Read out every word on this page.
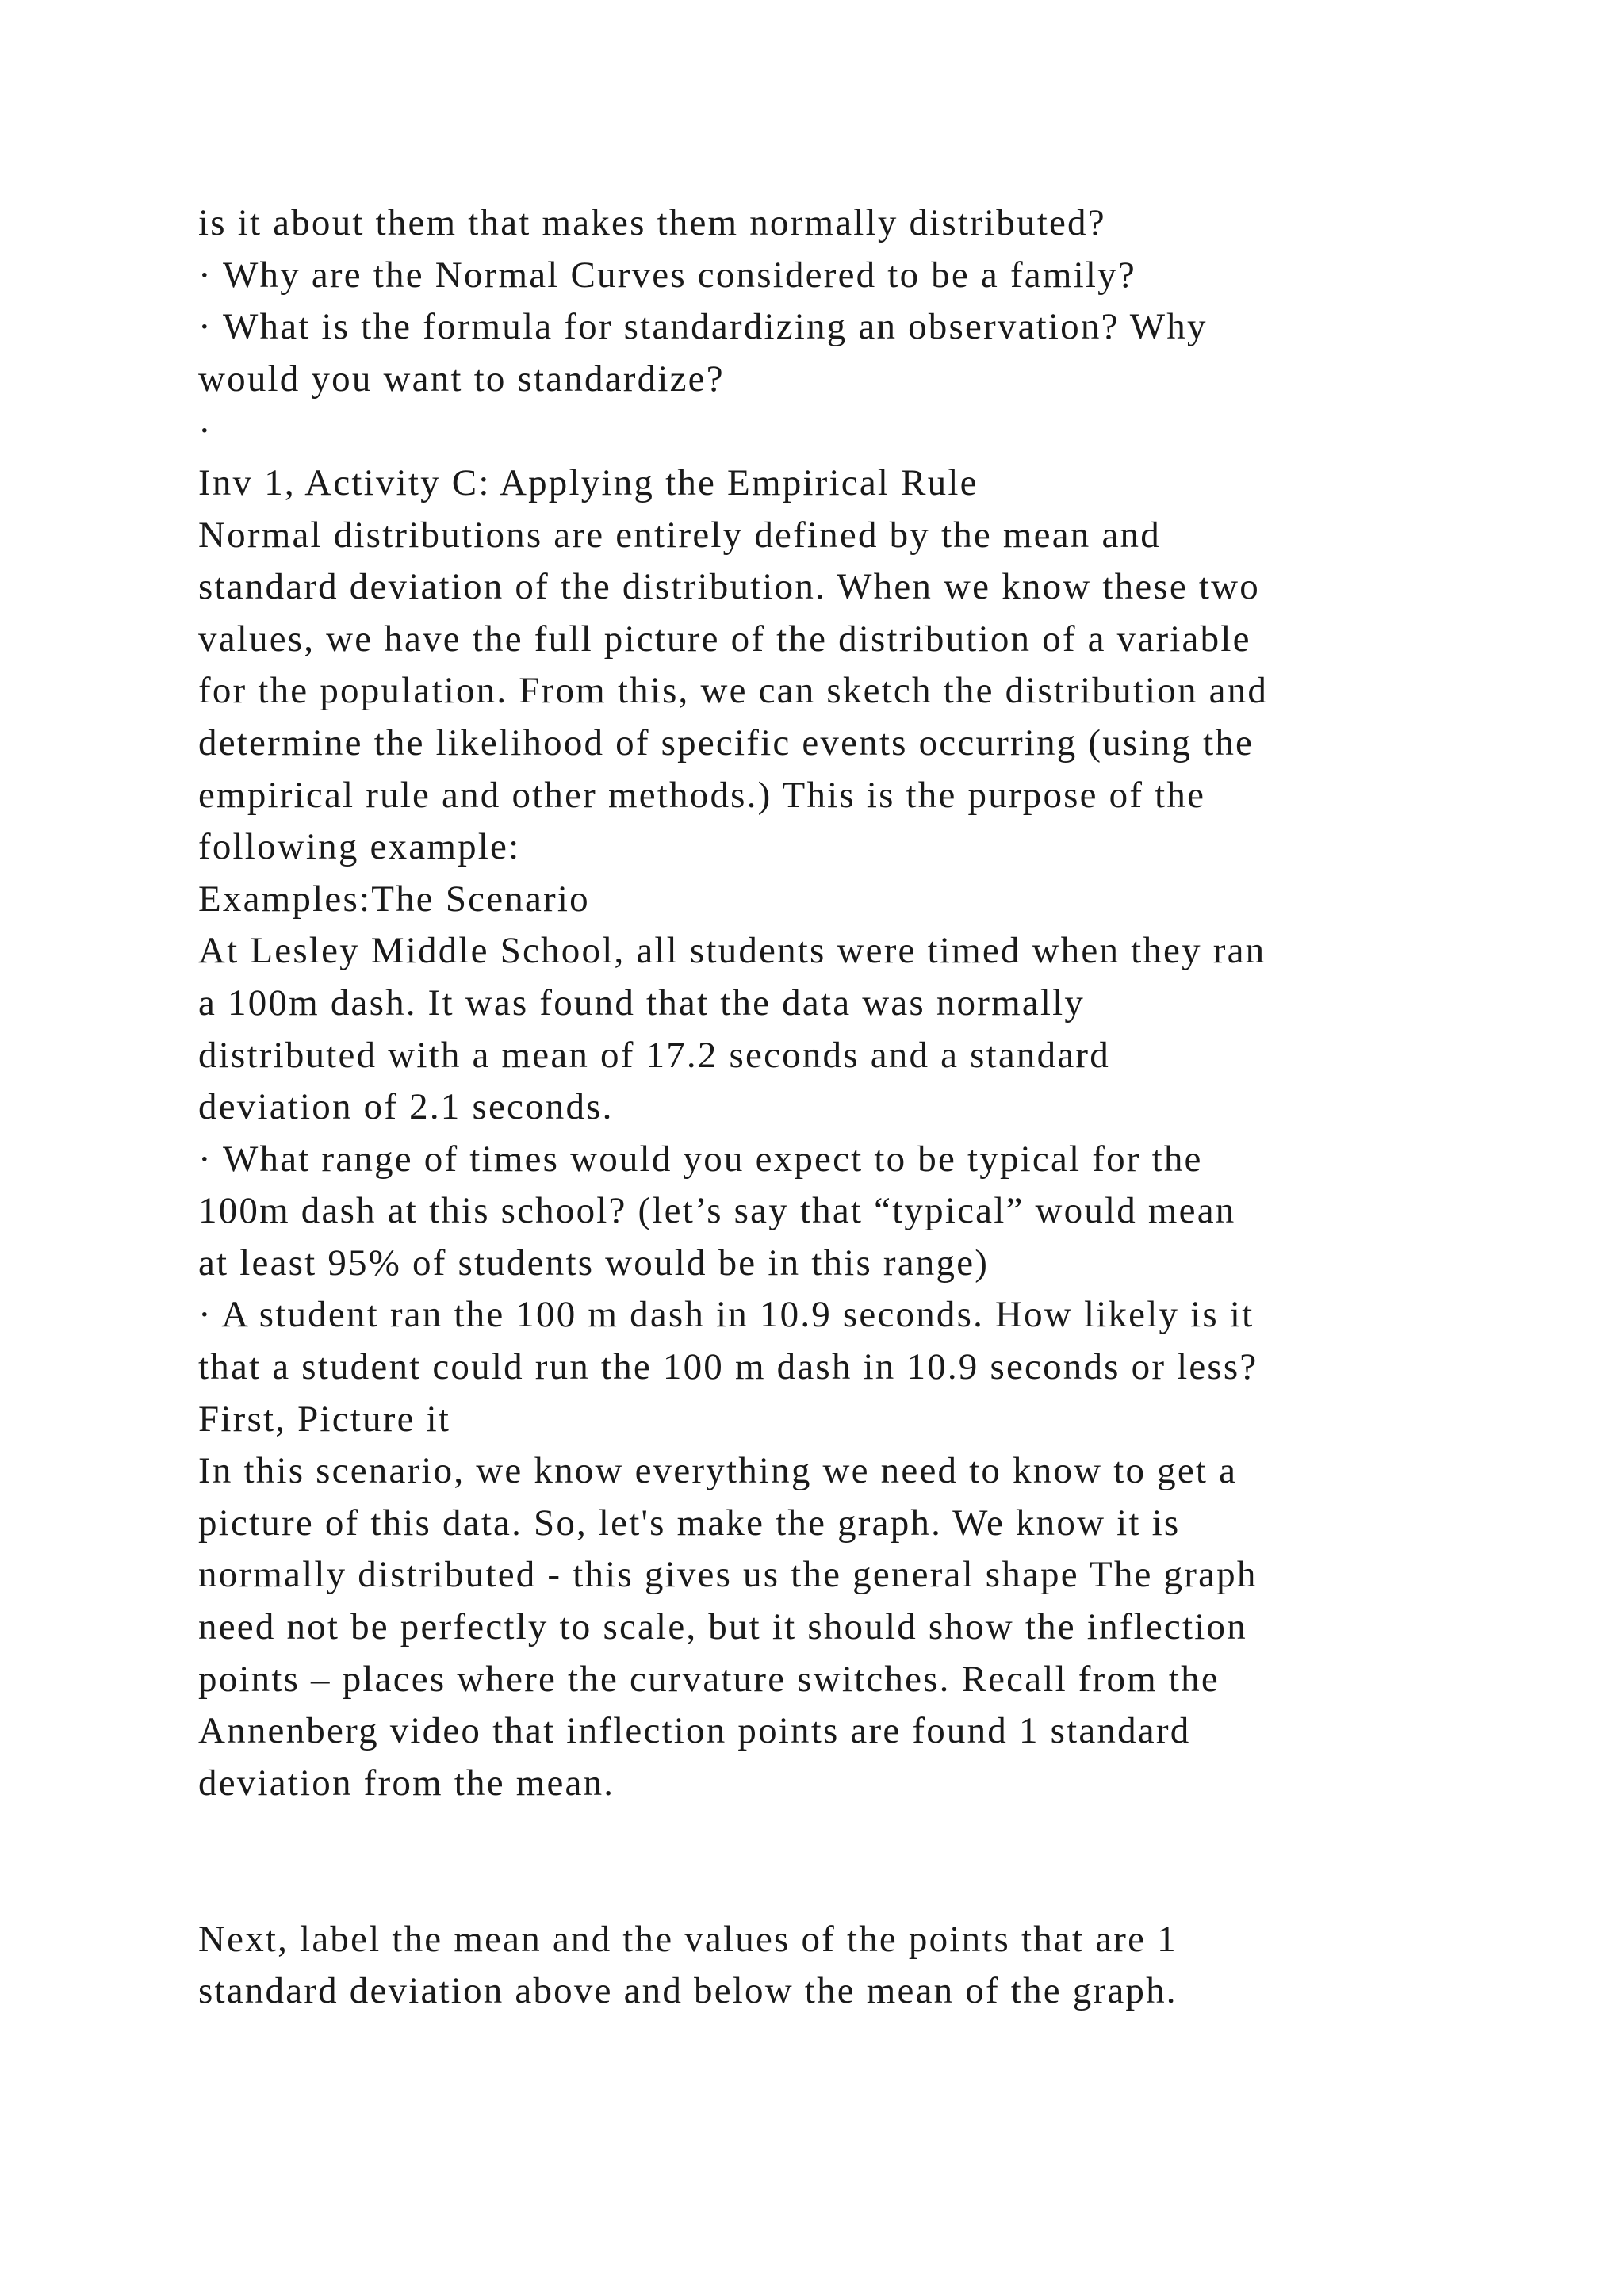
is it about them that makes them normally distributed?
· Why are the Normal Curves considered to be a family?
· What is the formula for standardizing an observation? Why
would you want to standardize?
·
Inv 1, Activity C: Applying the Empirical Rule
Normal distributions are entirely defined by the mean and
standard deviation of the distribution. When we know these two
values, we have the full picture of the distribution of a variable
for the population. From this, we can sketch the distribution and
determine the likelihood of specific events occurring (using the
empirical rule and other methods.) This is the purpose of the
following example:
Examples:The Scenario
At Lesley Middle School, all students were timed when they ran
a 100m dash. It was found that the data was normally
distributed with a mean of 17.2 seconds and a standard
deviation of 2.1 seconds.
· What range of times would you expect to be typical for the
100m dash at this school? (let’s say that “typical” would mean
at least 95% of students would be in this range)
· A student ran the 100 m dash in 10.9 seconds. How likely is it
that a student could run the 100 m dash in 10.9 seconds or less?
First, Picture it
In this scenario, we know everything we need to know to get a
picture of this data. So, let's make the graph. We know it is
normally distributed - this gives us the general shape The graph
need not be perfectly to scale, but it should show the inflection
points – places where the curvature switches. Recall from the
Annenberg video that inflection points are found 1 standard
deviation from the mean.
Next, label the mean and the values of the points that are 1
standard deviation above and below the mean of the graph.
